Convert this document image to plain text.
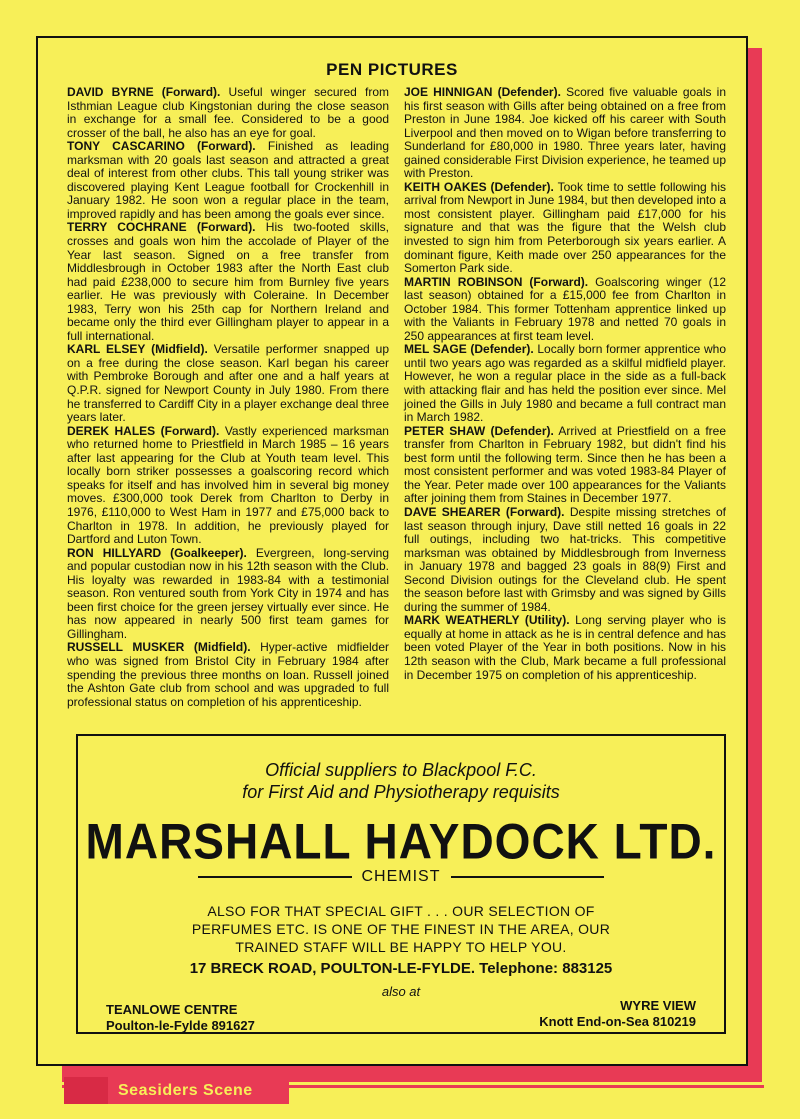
PEN PICTURES

DAVID BYRNE (Forward). Useful winger secured from Isthmian League club Kingstonian during the close season in exchange for a small fee. Considered to be a good crosser of the ball, he also has an eye for goal.

TONY CASCARINO (Forward). Finished as leading marksman with 20 goals last season and attracted a great deal of interest from other clubs. This tall young striker was discovered playing Kent League football for Crockenhill in January 1982. He soon won a regular place in the team, improved rapidly and has been among the goals ever since.

TERRY COCHRANE (Forward). His two-footed skills, crosses and goals won him the accolade of Player of the Year last season. Signed on a free transfer from Middlesbrough in October 1983 after the North East club had paid £238,000 to secure him from Burnley five years earlier. He was previously with Coleraine. In December 1983, Terry won his 25th cap for Northern Ireland and became only the third ever Gillingham player to appear in a full international.

KARL ELSEY (Midfield). Versatile performer snapped up on a free during the close season. Karl began his career with Pembroke Borough and after one and a half years at Q.P.R. signed for Newport County in July 1980. From there he transferred to Cardiff City in a player exchange deal three years later.

DEREK HALES (Forward). Vastly experienced marksman who returned home to Priestfield in March 1985 – 16 years after last appearing for the Club at Youth team level. This locally born striker possesses a goalscoring record which speaks for itself and has involved him in several big money moves. £300,000 took Derek from Charlton to Derby in 1976, £110,000 to West Ham in 1977 and £75,000 back to Charlton in 1978. In addition, he previously played for Dartford and Luton Town.

RON HILLYARD (Goalkeeper). Evergreen, long-serving and popular custodian now in his 12th season with the Club. His loyalty was rewarded in 1983-84 with a testimonial season. Ron ventured south from York City in 1974 and has been first choice for the green jersey virtually ever since. He has now appeared in nearly 500 first team games for Gillingham.

RUSSELL MUSKER (Midfield). Hyper-active midfielder who was signed from Bristol City in February 1984 after spending the previous three months on loan. Russell joined the Ashton Gate club from school and was upgraded to full professional status on completion of his apprenticeship.

JOE HINNIGAN (Defender). Scored five valuable goals in his first season with Gills after being obtained on a free from Preston in June 1984. Joe kicked off his career with South Liverpool and then moved on to Wigan before transferring to Sunderland for £80,000 in 1980. Three years later, having gained considerable First Division experience, he teamed up with Preston.

KEITH OAKES (Defender). Took time to settle following his arrival from Newport in June 1984, but then developed into a most consistent player. Gillingham paid £17,000 for his signature and that was the figure that the Welsh club invested to sign him from Peterborough six years earlier. A dominant figure, Keith made over 250 appearances for the Somerton Park side.

MARTIN ROBINSON (Forward). Goalscoring winger (12 last season) obtained for a £15,000 fee from Charlton in October 1984. This former Tottenham apprentice linked up with the Valiants in February 1978 and netted 70 goals in 250 appearances at first team level.

MEL SAGE (Defender). Locally born former apprentice who until two years ago was regarded as a skilful midfield player. However, he won a regular place in the side as a full-back with attacking flair and has held the position ever since. Mel joined the Gills in July 1980 and became a full contract man in March 1982.

PETER SHAW (Defender). Arrived at Priestfield on a free transfer from Charlton in February 1982, but didn't find his best form until the following term. Since then he has been a most consistent performer and was voted 1983-84 Player of the Year. Peter made over 100 appearances for the Valiants after joining them from Staines in December 1977.

DAVE SHEARER (Forward). Despite missing stretches of last season through injury, Dave still netted 16 goals in 22 full outings, including two hat-tricks. This competitive marksman was obtained by Middlesbrough from Inverness in January 1978 and bagged 23 goals in 88(9) First and Second Division outings for the Cleveland club. He spent the season before last with Grimsby and was signed by Gills during the summer of 1984.

MARK WEATHERLY (Utility). Long serving player who is equally at home in attack as he is in central defence and has been voted Player of the Year in both positions. Now in his 12th season with the Club, Mark became a full professional in December 1975 on completion of his apprenticeship.

Official suppliers to Blackpool F.C.
for First Aid and Physiotherapy requisits
MARSHALL HAYDOCK LTD.
CHEMIST
ALSO FOR THAT SPECIAL GIFT . . . OUR SELECTION OF
PERFUMES ETC. IS ONE OF THE FINEST IN THE AREA, OUR
TRAINED STAFF WILL BE HAPPY TO HELP YOU.
17 BRECK ROAD, POULTON-LE-FYLDE. Telephone: 883125
also at
TEANLOWE CENTRE
Poulton-le-Fylde 891627
WYRE VIEW
Knott End-on-Sea 810219
Seasiders Scene
